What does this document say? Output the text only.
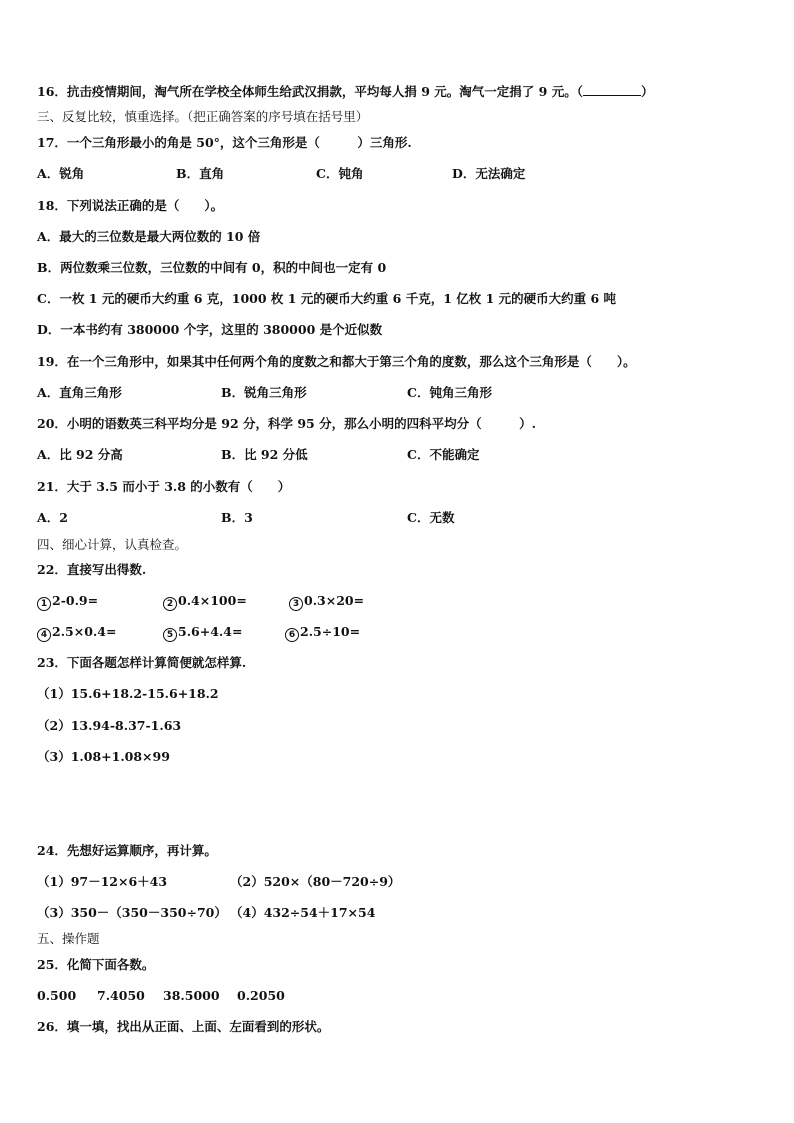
16．抗击疫情期间，淘气所在学校全体师生给武汉捐款，平均每人捐 9 元。淘气一定捐了 9 元。（	）
三、反复比较，慎重选择。（把正确答案的序号填在括号里）
17．一个三角形最小的角是 50°，这个三角形是（　　　）三角形.
A．锐角	B．直角	C．钝角	D．无法确定
18．下列说法正确的是（　　）。
A．最大的三位数是最大两位数的 10 倍
B．两位数乘三位数，三位数的中间有 0，积的中间也一定有 0
C．一枚 1 元的硬币大约重 6 克，1000 枚 1 元的硬币大约重 6 千克，1 亿枚 1 元的硬币大约重 6 吨
D．一本书约有 380000 个字，这里的 380000 是个近似数
19．在一个三角形中，如果其中任何两个角的度数之和都大于第三个角的度数，那么这个三角形是（　　）。
A．直角三角形	B．锐角三角形	C．钝角三角形
20．小明的语数英三科平均分是 92 分，科学 95 分，那么小明的四科平均分（　　　）.
A．比 92 分高	B．比 92 分低	C．不能确定
21．大于 3.5 而小于 3.8 的小数有（　　）
A．2	B．3	C．无数
四、细心计算，认真检查。
22．直接写出得数.
1 2-0.9=	2 0.4×100=	3 0.3×20=
4 2.5×0.4=	5 5.6+4.4=	6 2.5÷10=
23．下面各题怎样计算简便就怎样算.
（1）15.6+18.2-15.6+18.2
（2）13.94-8.37-1.63
（3）1.08+1.08×99
24．先想好运算顺序，再计算。
（1）97－12×6＋43	（2）520×（80－720÷9）
（3）350－（350－350÷70） （4）432÷54＋17×54
五、操作题
25．化简下面各数。
0.500 7.4050 38.5000 0.2050
26．填一填，找出从正面、上面、左面看到的形状。
